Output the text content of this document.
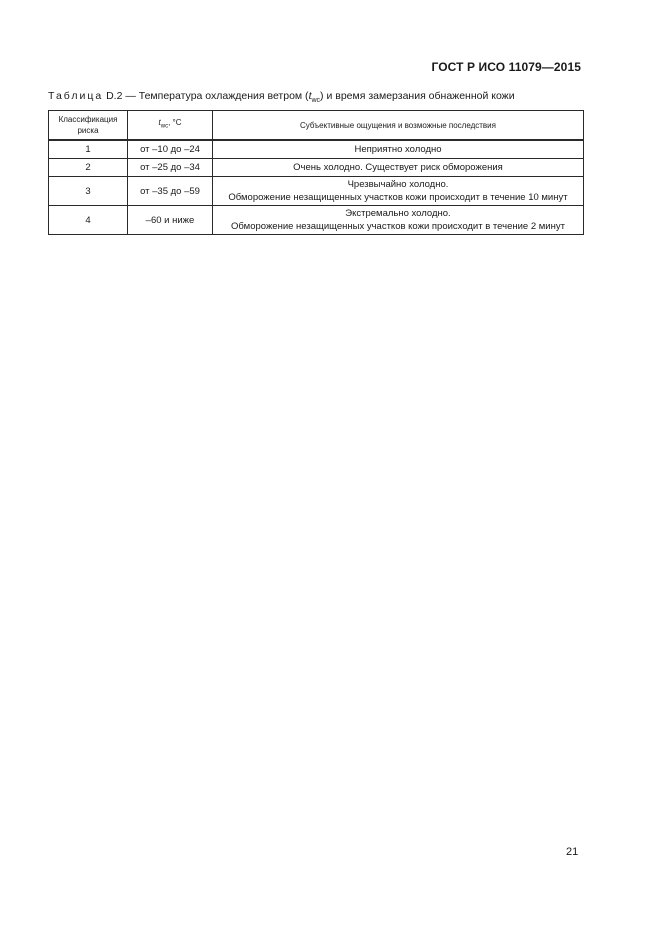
ГОСТ Р ИСО 11079—2015
Таблица D.2 — Температура охлаждения ветром $(t_{wc})$ и время замерзания обнаженной кожи
Классификация риска	$t_{wc}$, °C	Субъективные ощущения и возможные последствия
1	от –10 до –24	Неприятно холодно

2	от –25 до –34	Очень холодно. Существует риск обморожения

3	от –35 до –59	Чрезвычайно холодно.
Обморожение незащищенных участков кожи происходит в течение 10 минут

4	–60 и ниже	Экстремально холодно.
Обморожение незащищенных участков кожи происходит в течение 2 минут
21
